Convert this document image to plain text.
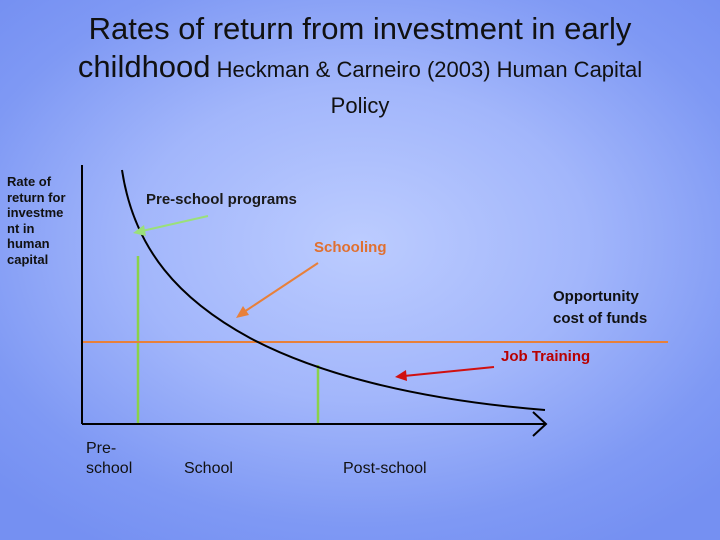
Rates of return from investment in early
childhood Heckman & Carneiro (2003) Human Capital
Policy
Rate of return for investme nt in human capital
Pre-school programs
Schooling
Opportunity cost of funds
Job Training
Pre-school	School	Post-school
